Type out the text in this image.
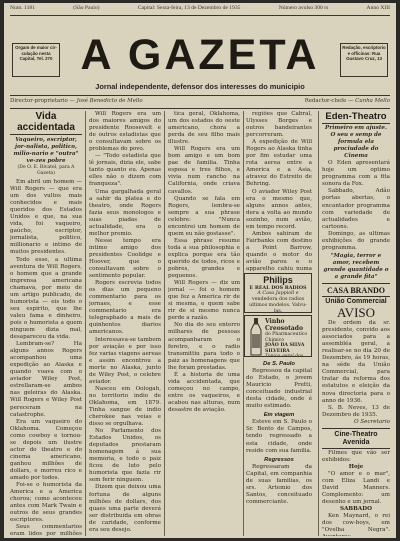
Num. 1181	(São Paulo)	Capital: Sexta-feira, 13 de Dezembro de 1935	Número avulso 300 rs	Anno XIII
Orgam de maior cir-culação nesta Capital, Tel. 270
Redação, escriptorio e officinas: Rua Gustavo Cruz, 13
A GAZETA
Jornal independente, defensor dos interesses do municipio
Director-proprietario — José Benedicto de Mello	Redactor-chefe — Cunha Mello
Vida accidentada
Vaqueiro, escriptor, jor-nalista, politico, milio-nario e "outra" ve-zes pobre
(De O. E. Rivatel, para A Gazeta)

Em abril um homem — Will Rogers — que era um dos vultos mais conhecidos e mais queridos dos Estados Unidos e que, na sua vida, foi vaqueiro, gaúcho, escriptor, jornalista, politico, millionario e intimo de muitos presidentes.

Todo esse, a ultima aventura de Will Rogers, o homem que a grande imprensa americana chamava, por meio de um artigo publicado, de humorista — eis todo o seu espirito, que lhe valeu fama e dinheiro, pois o humorista a quem ninguem dizia mal, desapareceu da vida.

Lembram-se? Ha alguns annos Rogers acompanhou uma expedição ao Alaska e quando voava com o aviador Wiley Post, estrellaram-se ambos nas geleiras do Alaska. Will Rogers e Wiley Post pereceram na catastrophe.

Era um vaqueiro do Oklahoma. Começou como cowboy e tornou-se depois um ilustre actor do theatro e do cinema americano, ganhou milhões de dollars, e morreu rico e amado por todos.

Foi-se o humorista da America e a America chorou; como aconteceu antes com Mark Twain e outros de seus grandes escriptores.

Seus commentarios eram lidos por milhões

Will Rogers era um dos maiores amigos do presidente Roosevelt e de outros estadistas que o consultavam sobre os problemas do povo.

— "Todo estadista que lê jornais, dizia ele, sabe tanto quanto eu. Apenas elles não o dizem com franqueza".

Uma gargalhada geral a sahir da platea e do theatro, onde Rogers fazia seus monologos e suas piadas de actualidade, era o melhor premio.

Nesse tempo era intimo amigo dos presidentes Coolidge e Hoover, que o consultavam sobre o sentimento popular.

Rogers escrevia todos os dias um pequeno commentario para os jornaes, e esse commentario era telegraphado a mais de quinhentos diarios americanos.

Interessava-se tambem por aviação e por isso fez varias viagens aereas e assim encontrou a morte no Alaska, junto de Wiley Post, o celebre aviador.

Nasceu em Oologah, no territorio indio de Oklahoma, em 1879. Tinha sangue de indio cherokee nas veias e disso se orgulhava.

No Parlamento dos Estados Unidos, os deputados prestaram homenagem á sua memoria, e todo o paiz ficou de luto pelo humorista que fazia rir sem ferir ninguem.

Dizem que deixou uma fortuna de alguns milhões de dollars, dos quaes uma parte deverá ser distribuida em obras de caridade, conforme era seu desejo.

tica geral, Oklahoma, um dos estados do oeste americano, chora a perda de seu filho mais illustre.

Will Rogers era um bom amigo e um bom pae de familia. Tinha esposa e tres filhos, e vivia num rancho na California, onde criava cavallos.

Quando se fala em Rogers, lembra-se sempre a sua phrase celebre: "Nunca encontrei um homem de quem eu não gostasse".

Essa phrase resume toda a sua philosophia e explica porque era tão querido de todos, ricos e pobres, grandes e pequenos.

Will Rogers — diz um jornal — foi o homem que fez a America rir de si mesma, e quem sabe rir de si mesmo nunca perde a razão.

No dia do seu enterro milhares de pessoas acompanharam o feretro, e o radio transmittiu para todo o paiz as homenagens que lhe foram prestadas.

É a historia de uma vida accidentada, que começou no campo, entre os vaqueiros, e acabou nas alturas, num desastre de aviação.

regiões que Cabral, Ulysses Borges e outros bandeirantes percorreram.

A expedição de Will Rogers ao Alaska tinha por fim estudar uma rota aerea entre a America e a Asia, atravez do Estreito de Behring.

O aviador Wiley Post era o mesmo que, alguns annos antes, dera a volta ao mundo sozinho, num avião, em tempo record.

Ambos sahiram de Fairbanks com destino a Point Barrow, quando o motor do avião parou e o apparelho cahiu numa

Philips
E REAL DOS RADIOS
A Casa Jappioll e
vendedora dos radios
ultimos modelos. Valvu-las.
Vinho Creosotado
do Pharmaceutico Chimico
JOÃO DA SILVA SILVEIRA
Tonico geral dos
De S. Paulo

Regressou da capital do Estado, o jovem Mauricio Pretti, conceituado industrial desta cidade, onde é muito estimado.

Em viagem

Esteve em S. Paulo o Sr. Bento de Campos, tendo regressado a esta cidade, onde reside com sua familia.

Regressos

Regressaram da Capital, em companhia de suas familias, os srs. Artemio dos Santos, conceituado commerciante.

Eden-Theatro
Primeiro em ajuste. O seu e semp de formula ela prociudade do Cinema

O Eden apresentará hoje um optimo programma com a fita sonora da Fox.

Sabbado, Adão portas abertas, o encantador programma com variedade de actualidades e cartoons.

Domingo, as ultimas exhibições do grande programma.

"Magia, terror e amor, recebem grande quantidade o a grande fita"
CASA BRANDO
União Commercial
AVISO

De ordem da sr. presidente, convido aos associados para a assembléa geral, a realisar-se no dia 20 de Dezembro, ás 19 horas, na séde da União Commercial, para tratar da reforma dos estatutos e eleição da nova directoria para o anno de 1936.

S. B. Neves, 13 de Dezembro de 1935.

O Secretario
Cine-Theatro Avenida

Filmes que vão ser exhibidos:

Hoje

"O amor e o mar", com Eliza Landi e David Manners. Complemento: um desenho e um jornal.

SABBADO

Ken Maynard, o rei dos cow-boys, em "Ovelha Negra".
